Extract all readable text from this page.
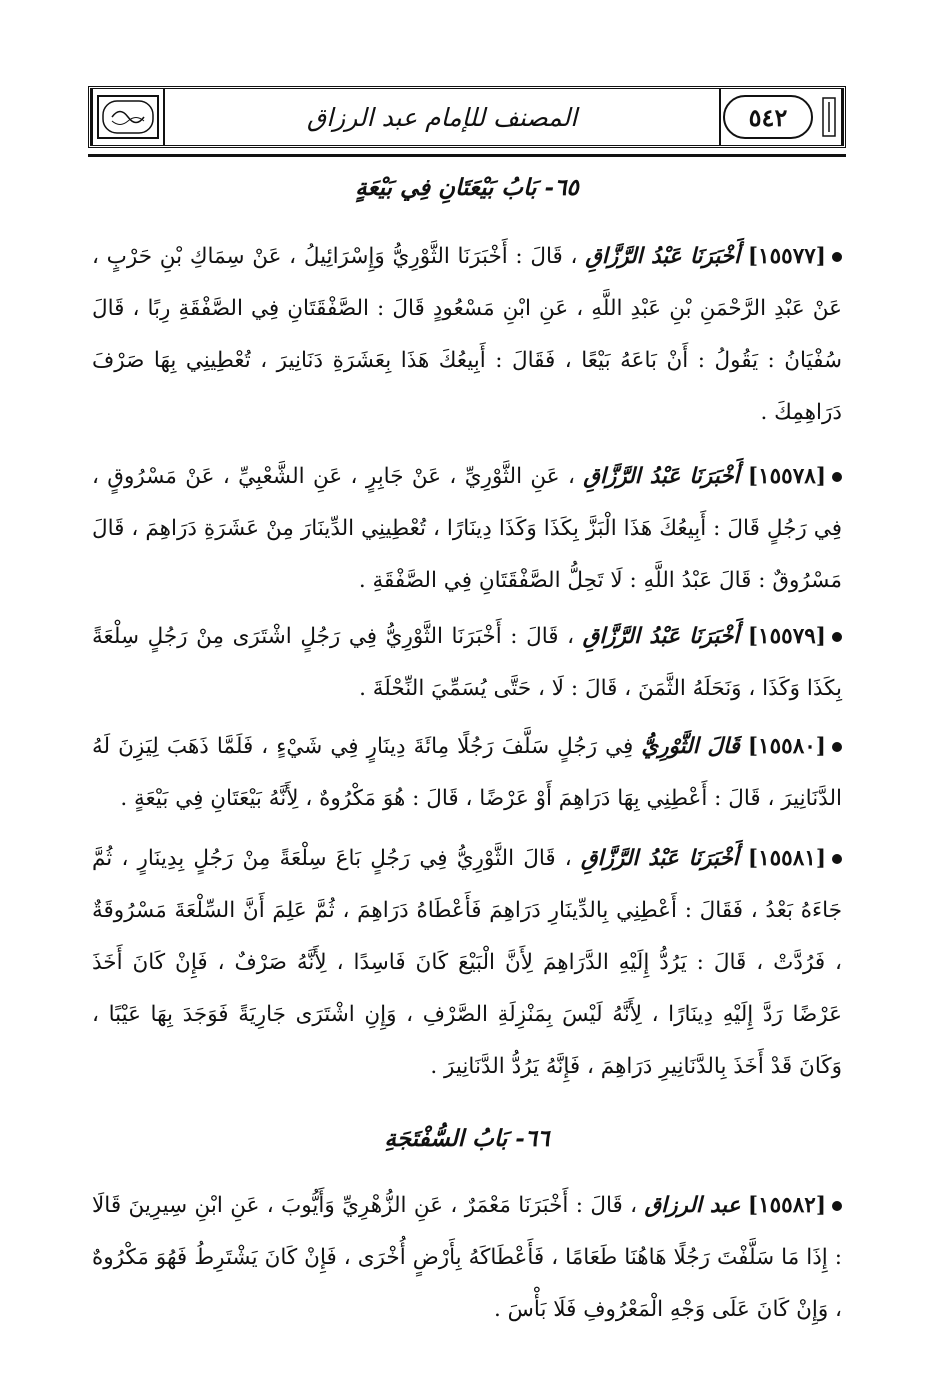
المصنف للإمام عبد الرزاق	٥٤٢
٦٥- بَابُ بَيْعَتَانِ فِي بَيْعَةٍ
[١٥٥٧٧] أَخْبَرَنَا عَبْدُ الرَّزَّاقِ ، قَالَ : أَخْبَرَنَا الثَّوْرِيُّ وَإِسْرَائِيلُ ، عَنْ سِمَاكِ بْنِ حَرْبٍ ، عَنْ عَبْدِ الرَّحْمَنِ بْنِ عَبْدِ اللَّهِ ، عَنِ ابْنِ مَسْعُودٍ قَالَ : الصَّفْقَتَانِ فِي الصَّفْقَةِ رِبًا ، قَالَ سُفْيَانُ : يَقُولُ : أَنْ بَاعَهُ بَيْعًا ، فَقَالَ : أَبِيعُكَ هَذَا بِعَشَرَةِ دَنَانِيرَ ، تُعْطِينِي بِهَا صَرْفَ دَرَاهِمِكَ .
[١٥٥٧٨] أَخْبَرَنَا عَبْدُ الرَّزَّاقِ ، عَنِ الثَّوْرِيِّ ، عَنْ جَابِرٍ ، عَنِ الشَّعْبِيِّ ، عَنْ مَسْرُوقٍ ، فِي رَجُلٍ قَالَ : أَبِيعُكَ هَذَا الْبَزَّ بِكَذَا وَكَذَا دِينَارًا ، تُعْطِينِي الدِّينَارَ مِنْ عَشَرَةِ دَرَاهِمَ ، قَالَ مَسْرُوقٌ : قَالَ عَبْدُ اللَّهِ : لَا تَحِلُّ الصَّفْقَتَانِ فِي الصَّفْقَةِ .
[١٥٥٧٩] أَخْبَرَنَا عَبْدُ الرَّزَّاقِ ، قَالَ : أَخْبَرَنَا الثَّوْرِيُّ فِي رَجُلٍ اشْتَرَى مِنْ رَجُلٍ سِلْعَةً بِكَذَا وَكَذَا ، وَنَحَلَهُ الثَّمَنَ ، قَالَ : لَا ، حَتَّى يُسَمِّيَ النِّحْلَةَ .
[١٥٥٨٠] قَالَ الثَّوْرِيُّ فِي رَجُلٍ سَلَّفَ رَجُلًا مِائَةَ دِينَارٍ فِي شَيْءٍ ، فَلَمَّا ذَهَبَ لِيَزِنَ لَهُ الدَّنَانِيرَ ، قَالَ : أَعْطِنِي بِهَا دَرَاهِمَ أَوْ عَرْضًا ، قَالَ : هُوَ مَكْرُوهٌ ، لِأَنَّهُ بَيْعَتَانِ فِي بَيْعَةٍ .
[١٥٥٨١] أَخْبَرَنَا عَبْدُ الرَّزَّاقِ ، قَالَ الثَّوْرِيُّ فِي رَجُلٍ بَاعَ سِلْعَةً مِنْ رَجُلٍ بِدِينَارٍ ، ثُمَّ جَاءَهُ بَعْدُ ، فَقَالَ : أَعْطِنِي بِالدِّينَارِ دَرَاهِمَ فَأَعْطَاهُ دَرَاهِمَ ، ثُمَّ عَلِمَ أَنَّ السِّلْعَةَ مَسْرُوقَةٌ ، فَرُدَّتْ ، قَالَ : يَرُدُّ إِلَيْهِ الدَّرَاهِمَ لِأَنَّ الْبَيْعَ كَانَ فَاسِدًا ، لِأَنَّهُ صَرْفٌ ، فَإِنْ كَانَ أَخَذَ عَرْضًا رَدَّ إِلَيْهِ دِينَارًا ، لِأَنَّهُ لَيْسَ بِمَنْزِلَةِ الصَّرْفِ ، وَإِنِ اشْتَرَى جَارِيَةً فَوَجَدَ بِهَا عَيْبًا ، وَكَانَ قَدْ أَخَذَ بِالدَّنَانِيرِ دَرَاهِمَ ، فَإِنَّهُ يَرُدُّ الدَّنَانِيرَ .
٦٦- بَابُ السُّفْتَجَةِ
[١٥٥٨٢] عبد الرزاق ، قَالَ : أَخْبَرَنَا مَعْمَرٌ ، عَنِ الزُّهْرِيِّ وَأَيُّوبَ ، عَنِ ابْنِ سِيرِينَ قَالَا : إِذَا مَا سَلَّفْتَ رَجُلًا هَاهُنَا طَعَامًا ، فَأَعْطَاكَهُ بِأَرْضٍ أُخْرَى ، فَإِنْ كَانَ يَشْتَرِطُ فَهُوَ مَكْرُوهٌ ، وَإِنْ كَانَ عَلَى وَجْهِ الْمَعْرُوفِ فَلَا بَأْسَ .
